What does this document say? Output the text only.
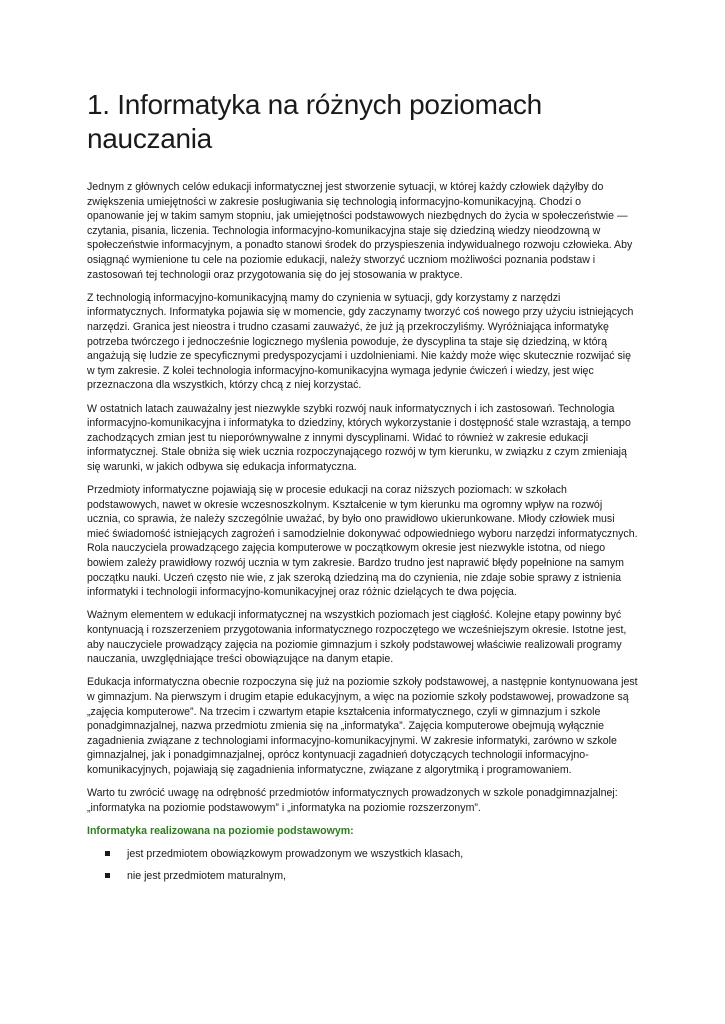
1. Informatyka na różnych poziomach nauczania

Jednym z głównych celów edukacji informatycznej jest stworzenie sytuacji, w której każdy człowiek dążyłby do zwiększenia umiejętności w zakresie posługiwania się technologią informacyjno-komunikacyjną. Chodzi o opanowanie jej w takim samym stopniu, jak umiejętności podstawowych niezbędnych do życia w społeczeństwie — czytania, pisania, liczenia. Technologia informacyjno-komunikacyjna staje się dziedziną wiedzy nieodzowną w społeczeństwie informacyjnym, a ponadto stanowi środek do przyspieszenia indywidualnego rozwoju człowieka. Aby osiągnąć wymienione tu cele na poziomie edukacji, należy stworzyć uczniom możliwości poznania podstaw i zastosowań tej technologii oraz przygotowania się do jej stosowania w praktyce.

Z technologią informacyjno-komunikacyjną mamy do czynienia w sytuacji, gdy korzystamy z narzędzi informatycznych. Informatyka pojawia się w momencie, gdy zaczynamy tworzyć coś nowego przy użyciu istniejących narzędzi. Granica jest nieostra i trudno czasami zauważyć, że już ją przekroczyliśmy. Wyróżniająca informatykę potrzeba twórczego i jednocześnie logicznego myślenia powoduje, że dyscyplina ta staje się dziedziną, w którą angażują się ludzie ze specyficznymi predyspozycjami i uzdolnieniami. Nie każdy może więc skutecznie rozwijać się w tym zakresie. Z kolei technologia informacyjno-komunikacyjna wymaga jedynie ćwiczeń i wiedzy, jest więc przeznaczona dla wszystkich, którzy chcą z niej korzystać.

W ostatnich latach zauważalny jest niezwykle szybki rozwój nauk informatycznych i ich zastosowań. Technologia informacyjno-komunikacyjna i informatyka to dziedziny, których wykorzystanie i dostępność stale wzrastają, a tempo zachodzących zmian jest tu nieporównywalne z innymi dyscyplinami. Widać to również w zakresie edukacji informatycznej. Stale obniża się wiek ucznia rozpoczynającego rozwój w tym kierunku, w związku z czym zmieniają się warunki, w jakich odbywa się edukacja informatyczna.

Przedmioty informatyczne pojawiają się w procesie edukacji na coraz niższych poziomach: w szkołach podstawowych, nawet w okresie wczesnoszkolnym. Kształcenie w tym kierunku ma ogromny wpływ na rozwój ucznia, co sprawia, że należy szczególnie uważać, by było ono prawidłowo ukierunkowane. Młody człowiek musi mieć świadomość istniejących zagrożeń i samodzielnie dokonywać odpowiedniego wyboru narzędzi informatycznych. Rola nauczyciela prowadzącego zajęcia komputerowe w początkowym okresie jest niezwykle istotna, od niego bowiem zależy prawidłowy rozwój ucznia w tym zakresie. Bardzo trudno jest naprawić błędy popełnione na samym początku nauki. Uczeń często nie wie, z jak szeroką dziedziną ma do czynienia, nie zdaje sobie sprawy z istnienia informatyki i technologii informacyjno-komunikacyjnej oraz różnic dzielących te dwa pojęcia.

Ważnym elementem w edukacji informatycznej na wszystkich poziomach jest ciągłość. Kolejne etapy powinny być kontynuacją i rozszerzeniem przygotowania informatycznego rozpoczętego we wcześniejszym okresie. Istotne jest, aby nauczyciele prowadzący zajęcia na poziomie gimnazjum i szkoły podstawowej właściwie realizowali programy nauczania, uwzględniające treści obowiązujące na danym etapie.

Edukacja informatyczna obecnie rozpoczyna się już na poziomie szkoły podstawowej, a następnie kontynuowana jest w gimnazjum. Na pierwszym i drugim etapie edukacyjnym, a więc na poziomie szkoły podstawowej, prowadzone są „zajęcia komputerowe”. Na trzecim i czwartym etapie kształcenia informatycznego, czyli w gimnazjum i szkole ponadgimnazjalnej, nazwa przedmiotu zmienia się na „informatyka”. Zajęcia komputerowe obejmują wyłącznie zagadnienia związane z technologiami informacyjno-komunikacyjnymi. W zakresie informatyki, zarówno w szkole gimnazjalnej, jak i ponadgimnazjalnej, oprócz kontynuacji zagadnień dotyczących technologii informacyjno-komunikacyjnych, pojawiają się zagadnienia informatyczne, związane z algorytmiką i programowaniem.

Warto tu zwrócić uwagę na odrębność przedmiotów informatycznych prowadzonych w szkole ponadgimnazjalnej: „informatyka na poziomie podstawowym” i „informatyka na poziomie rozszerzonym”.

Informatyka realizowana na poziomie podstawowym:

jest przedmiotem obowiązkowym prowadzonym we wszystkich klasach,
nie jest przedmiotem maturalnym,
